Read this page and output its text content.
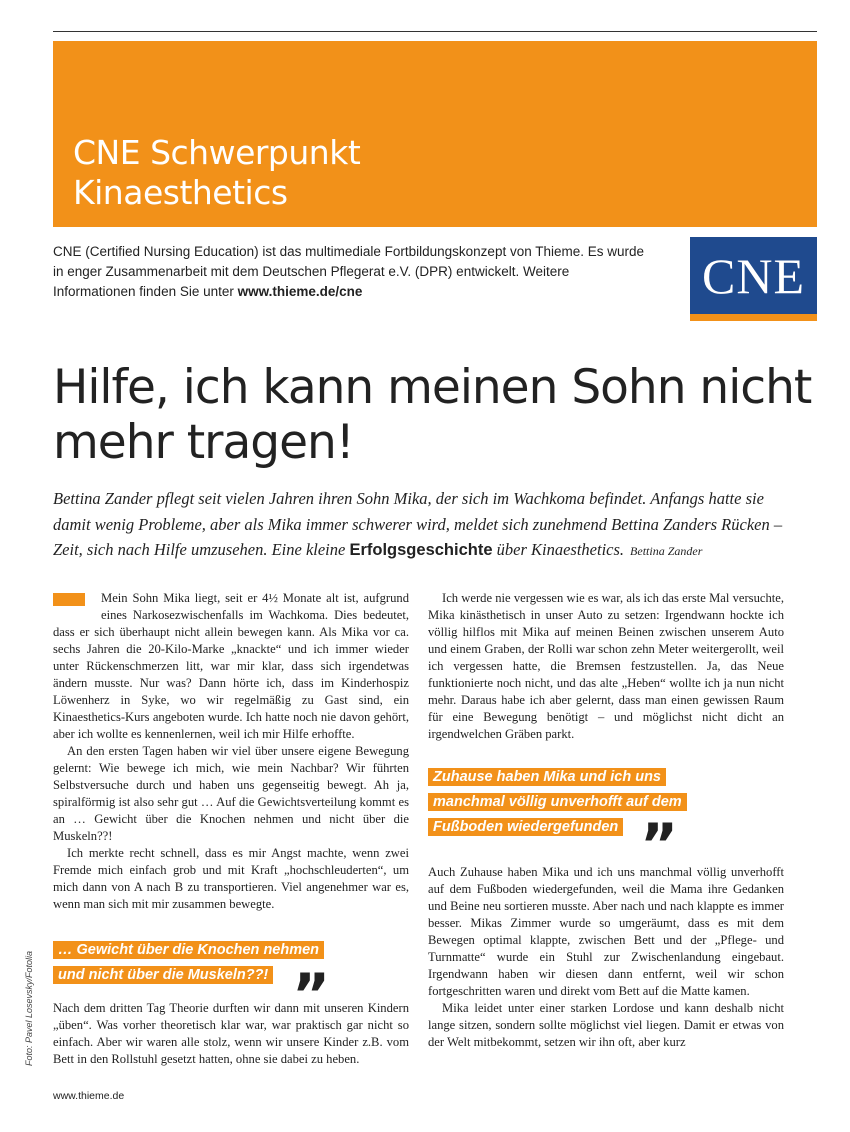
CNE Schwerpunkt
Kinaesthetics

CNE (Certified Nursing Education) ist das multimediale Fortbildungskonzept von Thieme. Es wurde in enger Zusammenarbeit mit dem Deutschen Pflegerat e.V. (DPR) entwickelt. Weitere Informationen finden Sie unter www.thieme.de/cne	CNE
Hilfe, ich kann meinen Sohn nicht mehr tragen!

Bettina Zander pflegt seit vielen Jahren ihren Sohn Mika, der sich im Wachkoma befindet. Anfangs hatte sie damit wenig Probleme, aber als Mika immer schwerer wird, meldet sich zunehmend Bettina Zanders Rücken – Zeit, sich nach Hilfe umzusehen. Eine kleine Erfolgsgeschichte über Kinaesthetics. Bettina Zander

Mein Sohn Mika liegt, seit er 4½ Monate alt ist, aufgrund eines Narkosezwischenfalls im Wachkoma. Dies bedeutet, dass er sich überhaupt nicht allein bewegen kann. Als Mika vor ca. sechs Jahren die 20-Kilo-Marke „knackte“ und ich immer wieder unter Rückenschmerzen litt, war mir klar, dass sich irgendetwas ändern musste. Nur was? Dann hörte ich, dass im Kinderhospiz Löwenherz in Syke, wo wir regelmäßig zu Gast sind, ein Kinaesthetics-Kurs angeboten wurde. Ich hatte noch nie davon gehört, aber ich wollte es kennenlernen, weil ich mir Hilfe erhoffte.

An den ersten Tagen haben wir viel über unsere eigene Bewegung gelernt: Wie bewege ich mich, wie mein Nachbar? Wir führten Selbstversuche durch und haben uns gegenseitig bewegt. Ah ja, spiralförmig ist also sehr gut … Auf die Gewichtsverteilung kommt es an … Gewicht über die Knochen nehmen und nicht über die Muskeln??!

Ich merkte recht schnell, dass es mir Angst machte, wenn zwei Fremde mich einfach grob und mit Kraft „hochschleuderten“, um mich dann von A nach B zu transportieren. Viel angenehmer war es, wenn man sich mit mir zusammen bewegte.

… Gewicht über die Knochen nehmen
und nicht über die Muskeln??! ”

Nach dem dritten Tag Theorie durften wir dann mit unseren Kindern „üben“. Was vorher theoretisch klar war, war praktisch gar nicht so einfach. Aber wir waren alle stolz, wenn wir unsere Kinder z.B. vom Bett in den Rollstuhl gesetzt hatten, ohne sie dabei zu heben.

Ich werde nie vergessen wie es war, als ich das erste Mal versuchte, Mika kinästhetisch in unser Auto zu setzen: Irgendwann hockte ich völlig hilflos mit Mika auf meinen Beinen zwischen unserem Auto und einem Graben, der Rolli war schon zehn Meter weitergerollt, weil ich vergessen hatte, die Bremsen festzustellen. Ja, das Neue funktionierte noch nicht, und das alte „Heben“ wollte ich ja nun nicht mehr. Daraus habe ich aber gelernt, dass man einen gewissen Raum für eine Bewegung benötigt – und möglichst nicht dicht an irgendwelchen Gräben parkt.

Zuhause haben Mika und ich uns
manchmal völlig unverhofft auf dem
Fußboden wiedergefunden ”

Auch Zuhause haben Mika und ich uns manchmal völlig unverhofft auf dem Fußboden wiedergefunden, weil die Mama ihre Gedanken und Beine neu sortieren musste. Aber nach und nach klappte es immer besser. Mikas Zimmer wurde so umgeräumt, dass es mit dem Bewegen optimal klappte, zwischen Bett und der „Pflege- und Turnmatte“ wurde ein Stuhl zur Zwischenlandung eingebaut. Irgendwann haben wir diesen dann entfernt, weil wir schon fortgeschritten waren und direkt vom Bett auf die Matte kamen.

Mika leidet unter einer starken Lordose und kann deshalb nicht lange sitzen, sondern sollte möglichst viel liegen. Damit er etwas von der Welt mitbekommt, setzen wir ihn oft, aber kurz

Foto: Pavel Losevsky/Fotolia
www.thieme.de
